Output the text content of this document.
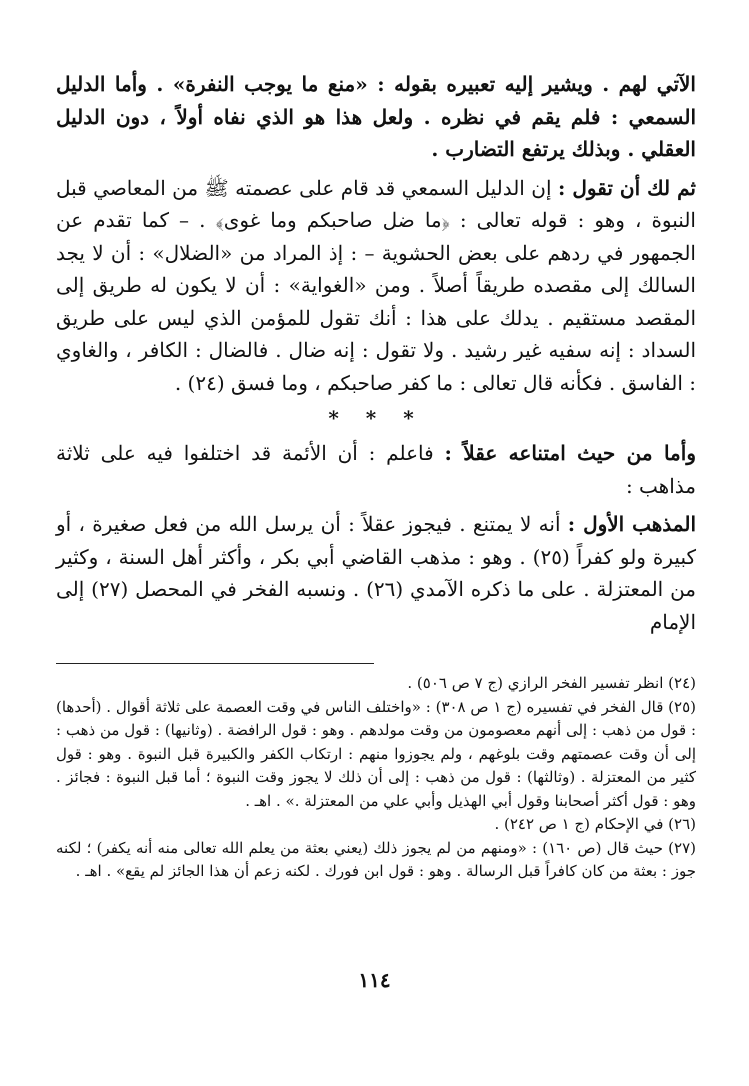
الآتي لهم . ويشير إليه تعبيره بقوله : «منع ما يوجب النفرة» . وأما الدليل السمعي : فلم يقم في نظره . ولعل هذا هو الذي نفاه أولاً ، دون الدليل العقلي . وبذلك يرتفع التضارب .

ثم لك أن تقول : إن الدليل السمعي قد قام على عصمته ﷺ من المعاصي قبل النبوة ، وهو : قوله تعالى : ﴿ما ضل صاحبكم وما غوى﴾ . – كما تقدم عن الجمهور في ردهم على بعض الحشوية – : إذ المراد من «الضلال» : أن لا يجد السالك إلى مقصده طريقاً أصلاً . ومن «الغواية» : أن لا يكون له طريق إلى المقصد مستقيم . يدلك على هذا : أنك تقول للمؤمن الذي ليس على طريق السداد : إنه سفيه غير رشيد . ولا تقول : إنه ضال . فالضال : الكافر ، والغاوي : الفاسق . فكأنه قال تعالى : ما كفر صاحبكم ، وما فسق (٢٤) .

* * *

وأما من حيث امتناعه عقلاً : فاعلم : أن الأئمة قد اختلفوا فيه على ثلاثة مذاهب :

المذهب الأول : أنه لا يمتنع . فيجوز عقلاً : أن يرسل الله من فعل صغيرة ، أو كبيرة ولو كفراً (٢٥) . وهو : مذهب القاضي أبي بكر ، وأكثر أهل السنة ، وكثير من المعتزلة . على ما ذكره الآمدي (٢٦) . ونسبه الفخر في المحصل (٢٧) إلى الإمام

(٢٤) انظر تفسير الفخر الرازي (ج ٧ ص ٥٠٦) .

(٢٥) قال الفخر في تفسيره (ج ١ ص ٣٠٨) : «واختلف الناس في وقت العصمة على ثلاثة أقوال . (أحدها) : قول من ذهب : إلى أنهم معصومون من وقت مولدهم . وهو : قول الرافضة . (وثانيها) : قول من ذهب : إلى أن وقت عصمتهم وقت بلوغهم ، ولم يجوزوا منهم : ارتكاب الكفر والكبيرة قبل النبوة . وهو : قول كثير من المعتزلة . (وثالثها) : قول من ذهب : إلى أن ذلك لا يجوز وقت النبوة ؛ أما قبل النبوة : فجائز . وهو : قول أكثر أصحابنا وقول أبي الهذيل وأبي علي من المعتزلة .» . اهـ .

(٢٦) في الإحكام (ج ١ ص ٢٤٢) .

(٢٧) حيث قال (ص ١٦٠) : «ومنهم من لم يجوز ذلك (يعني بعثة من يعلم الله تعالى منه أنه يكفر) ؛ لكنه جوز : بعثة من كان كافراً قبل الرسالة . وهو : قول ابن فورك . لكنه زعم أن هذا الجائز لم يقع» . اهـ .

١١٤
